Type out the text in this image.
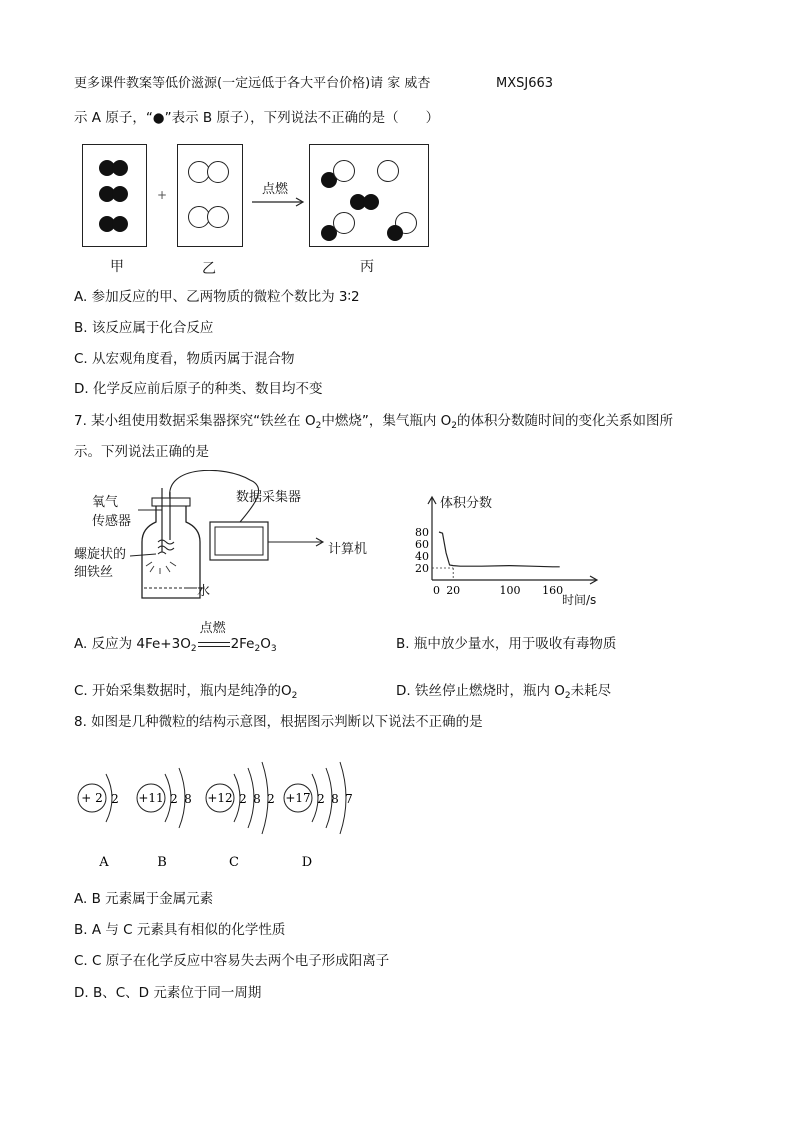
更多课件教案等低价滋源(一定远低于各大平台价格)请 家 威杏	MXSJ663
示 A 原子，“●”表示 B 原子），下列说法不正确的是（　　）
+	点燃
甲	乙	丙
A. 参加反应的甲、乙两物质的微粒个数比为 3∶2
B. 该反应属于化合反应
C. 从宏观角度看，物质丙属于混合物
D. 化学反应前后原子的种类、数目均不变
7. 某小组使用数据采集器探究“铁丝在 $O_2$中燃烧”，集气瓶内 $O_2$的体积分数随时间的变化关系如图所
示。下列说法正确的是
氧气
传感器
螺旋状的
细铁丝
水
数据采集器
计算机
体积分数
时间/s
20
40
60
80
0 20	100 160
A. 反应为 $4Fe+3O_2$
点燃
$2Fe_2O_3$	B. 瓶中放少量水，用于吸收有毒物质
C. 开始采集数据时，瓶内是纯净的$O_2$	D. 铁丝停止燃烧时，瓶内 $O_2$未耗尽
8. 如图是几种微粒的结构示意图，根据图示判断以下说法不正确的是
+ 2 2
A
+11 2 8
B
+12 2 8 2
C
+17 2 8 7
D
A. B 元素属于金属元素
B. A 与 C 元素具有相似的化学性质
C. C 原子在化学反应中容易失去两个电子形成阳离子
D. B、C、D 元素位于同一周期
